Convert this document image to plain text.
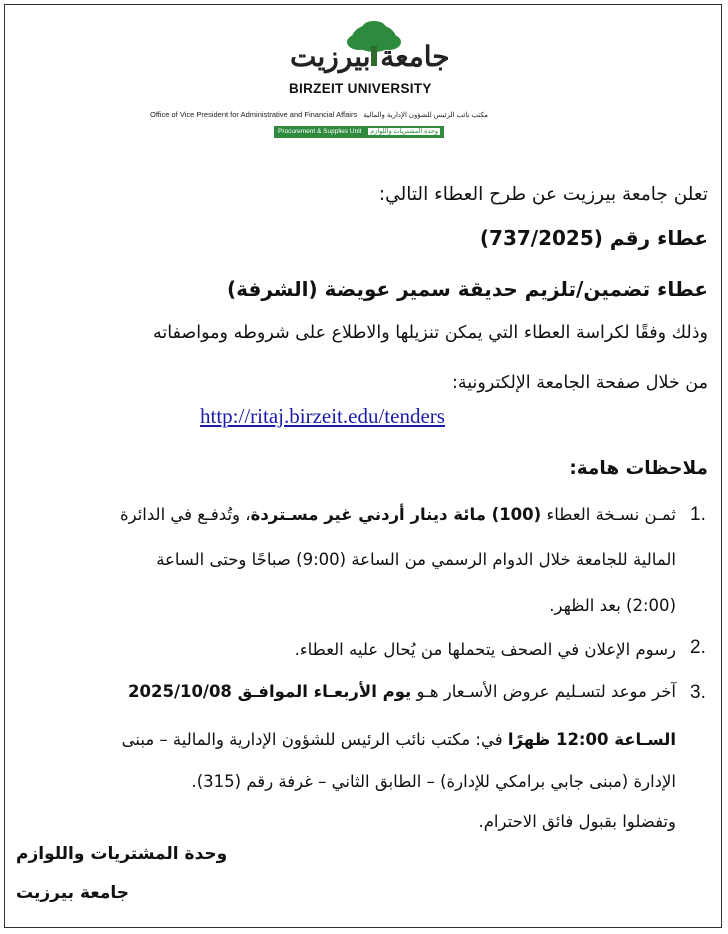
جامعة بيرزيت
BIRZEIT UNIVERSITY
Office of Vice President for Administrative and Financial Affairs مكتب نائب الرئيس للشؤون الإدارية والمالية
Procurement & Supplies Unit وحدة المشتريات واللوازم
تعلن جامعة بيرزيت عن طرح العطاء التالي:
عطاء رقم (737/2025)
عطاء تضمين/تلزيم حديقة سمير عويضة (الشرفة)
وذلك وفقًا لكراسة العطاء التي يمكن تنزيلها والاطلاع على شروطه ومواصفاته
من خلال صفحة الجامعة الإلكترونية:
http://ritaj.birzeit.edu/tenders
ملاحظات هامة:
1.
ثمـن نسـخة العطاء (100) مائة دينار أردني غير مسـتردة، وتُدفـع في الدائرة
المالية للجامعة خلال الدوام الرسمي من الساعة (9:00) صباحًا وحتى الساعة
(2:00) بعد الظهر.
2.
رسوم الإعلان في الصحف يتحملها من يُحال عليه العطاء.
3.
آخر موعد لتسـليم عروض الأسـعار هـو يوم الأربعـاء الموافـق 2025/10/08
السـاعة 12:00 ظهرًا في: مكتب نائب الرئيس للشؤون الإدارية والمالية – مبنى
الإدارة (مبنى جابي برامكي للإدارة) – الطابق الثاني – غرفة رقم (315).
وتفضلوا بقبول فائق الاحترام.
وحدة المشتريات واللوازم
جامعة بيرزيت
